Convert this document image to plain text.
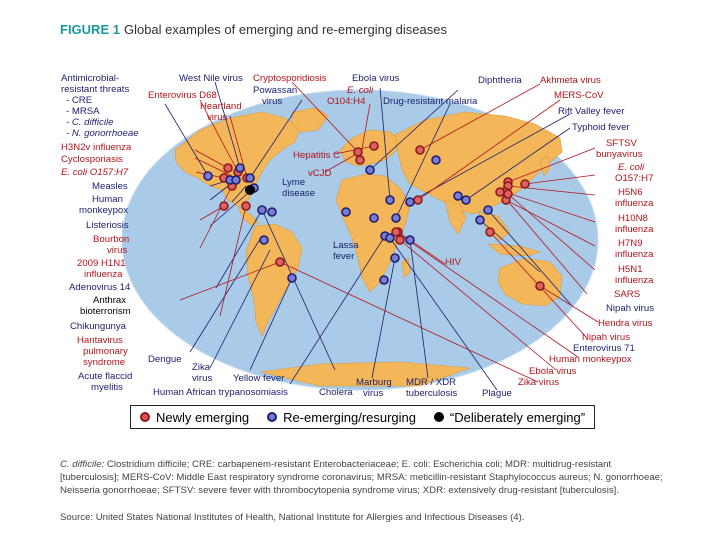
FIGURE 1 Global examples of emerging and re-emerging diseases
Antimicrobial-
resistant threats
- CRE
- MRSA
- C. difficile
- N. gonorrhoeae
H3N2v influenza
Cyclosporiasis
E. coli O157:H7
Measles
Human
monkeypox
Listeriosis
Bourbon
virus
2009 H1N1
influenza
Adenovirus 14
Anthrax
bioterrorism
Chikungunya
Hantavirus
pulmonary
syndrome Dengue
Acute flaccid
myelitis
West Nile virus Cryptosporidiosis	Ebola virus	Diphtheria Akhmeta virus
Enterovirus D68	Powassan
virus
E. coli
O104:H4 Drug-resistant malaria
MERS-CoV
Heartland
virus
Rift Valley fever
Typhoid fever
Hepatitis C
vCJD
Lyme
disease
Lassa
fever
HIV
SFTSV
bunyavirus
E. coli
O157:H7
H5N6
influenza
H10N8
influenza
H7N9
influenza
H5N1
influenza
SARS
Nipah virus
Hendra virus
Nipah virus
Enterovirus 71
Human monkeypox
Ebola virus
Zika virus
Zika
virus Yellow fever
Human African trypanosomiasis	Cholera
Marburg
virus
MDR / XDR
tuberculosis	Plague
Newly emerging	Re-emerging/resurging	“Deliberately emerging”
C. difficile: Clostridium difficile; CRE: carbapenem-resistant Enterobacteriaceae; E. coli: Escherichia coli; MDR: multidrug-resistant [tuberculosis]; MERS-CoV: Middle East respiratory syndrome coronavirus; MRSA: meticillin-resistant Staphylococcus aureus; N. gonorrhoeae; Neisseria gonorrhoeae; SFTSV: severe fever with thrombocytopenia syndrome virus; XDR: extensively drug-resistant [tuberculosis].
Source: United States National Institutes of Health, National Institute for Allergies and Infectious Diseases (4).
